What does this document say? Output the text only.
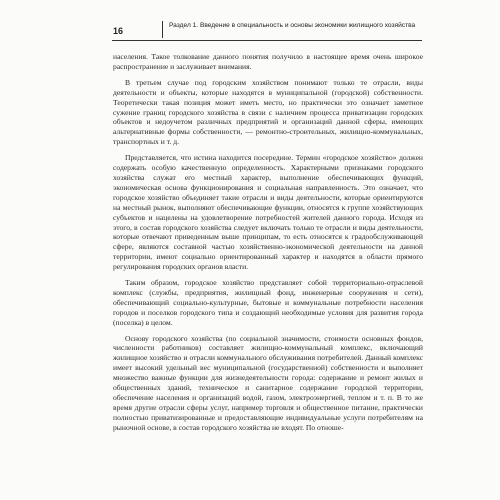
16
Раздел 1. Введение в специальность и основы экономики жилищного хозяйства

населения. Такое толкование данного понятия получило в настоящее время очень широкое распространение и заслуживает внимания.

В третьем случае под городским хозяйством понимают только те отрасли, виды деятельности и объекты, которые находятся в муниципальной (городской) собственности. Теоретически такая позиция может иметь место, но практически это означает заметное сужение границ городского хозяйства в связи с наличием процесса приватизации городских объектов и недоучетом различных предприятий и организаций данной сферы, имеющих альтернативные формы собственности, — ремонтно-строительных, жилищно-коммунальных, транспортных и т. д.

Представляется, что истина находится посередине. Термин «городское хозяйство» должен содержать особую качественную определенность. Характерными признаками городского хозяйства служат его местный характер, выполнение обеспечивающих функций, экономическая основа функционирования и социальная направленность. Это означает, что городское хозяйство объединяет такие отрасли и виды деятельности, которые ориентируются на местный рынок, выполняют обеспечивающие функции, относятся к группе хозяйствующих субъектов и нацелены на удовлетворение потребностей жителей данного города. Исходя из этого, в состав городского хозяйства следует включать только те отрасли и виды деятельности, которые отвечают приведенным выше принципам, то есть относятся к градообслуживающей сфере, являются составной частью хозяйственно-экономической деятельности на данной территории, имеют социально ориентированный характер и находятся в области прямого регулирования городских органов власти.

Таким образом, городское хозяйство представляет собой территориально-отраслевой комплекс (службы, предприятия, жилищный фонд, инженерные сооружения и сети), обеспечивающий социально-культурные, бытовые и коммунальные потребности населения городов и поселков городского типа и создающий необходимые условия для развития города (поселка) в целом.

Основу городского хозяйства (по социальной значимости, стоимости основных фондов, численности работников) составляет жилищно-коммунальный комплекс, включающий жилищное хозяйство и отрасли коммунального обслуживания потребителей. Данный комплекс имеет высокий удельный вес муниципальной (государственной) собственности и выполняет множество важные функции для жизнедеятельности города: содержание и ремонт жилых и общественных зданий, техническое и санитарное содержание городской территории, обеспечение населения и организаций водой, газом, электроэнергией, теплом и т. п. В то же время другие отрасли сферы услуг, например торговля и общественное питание, практически полностью приватизированные и предоставляющие индивидуальные услуги потребителям на рыночной основе, в состав городского хозяйства не входят. По отноше-
